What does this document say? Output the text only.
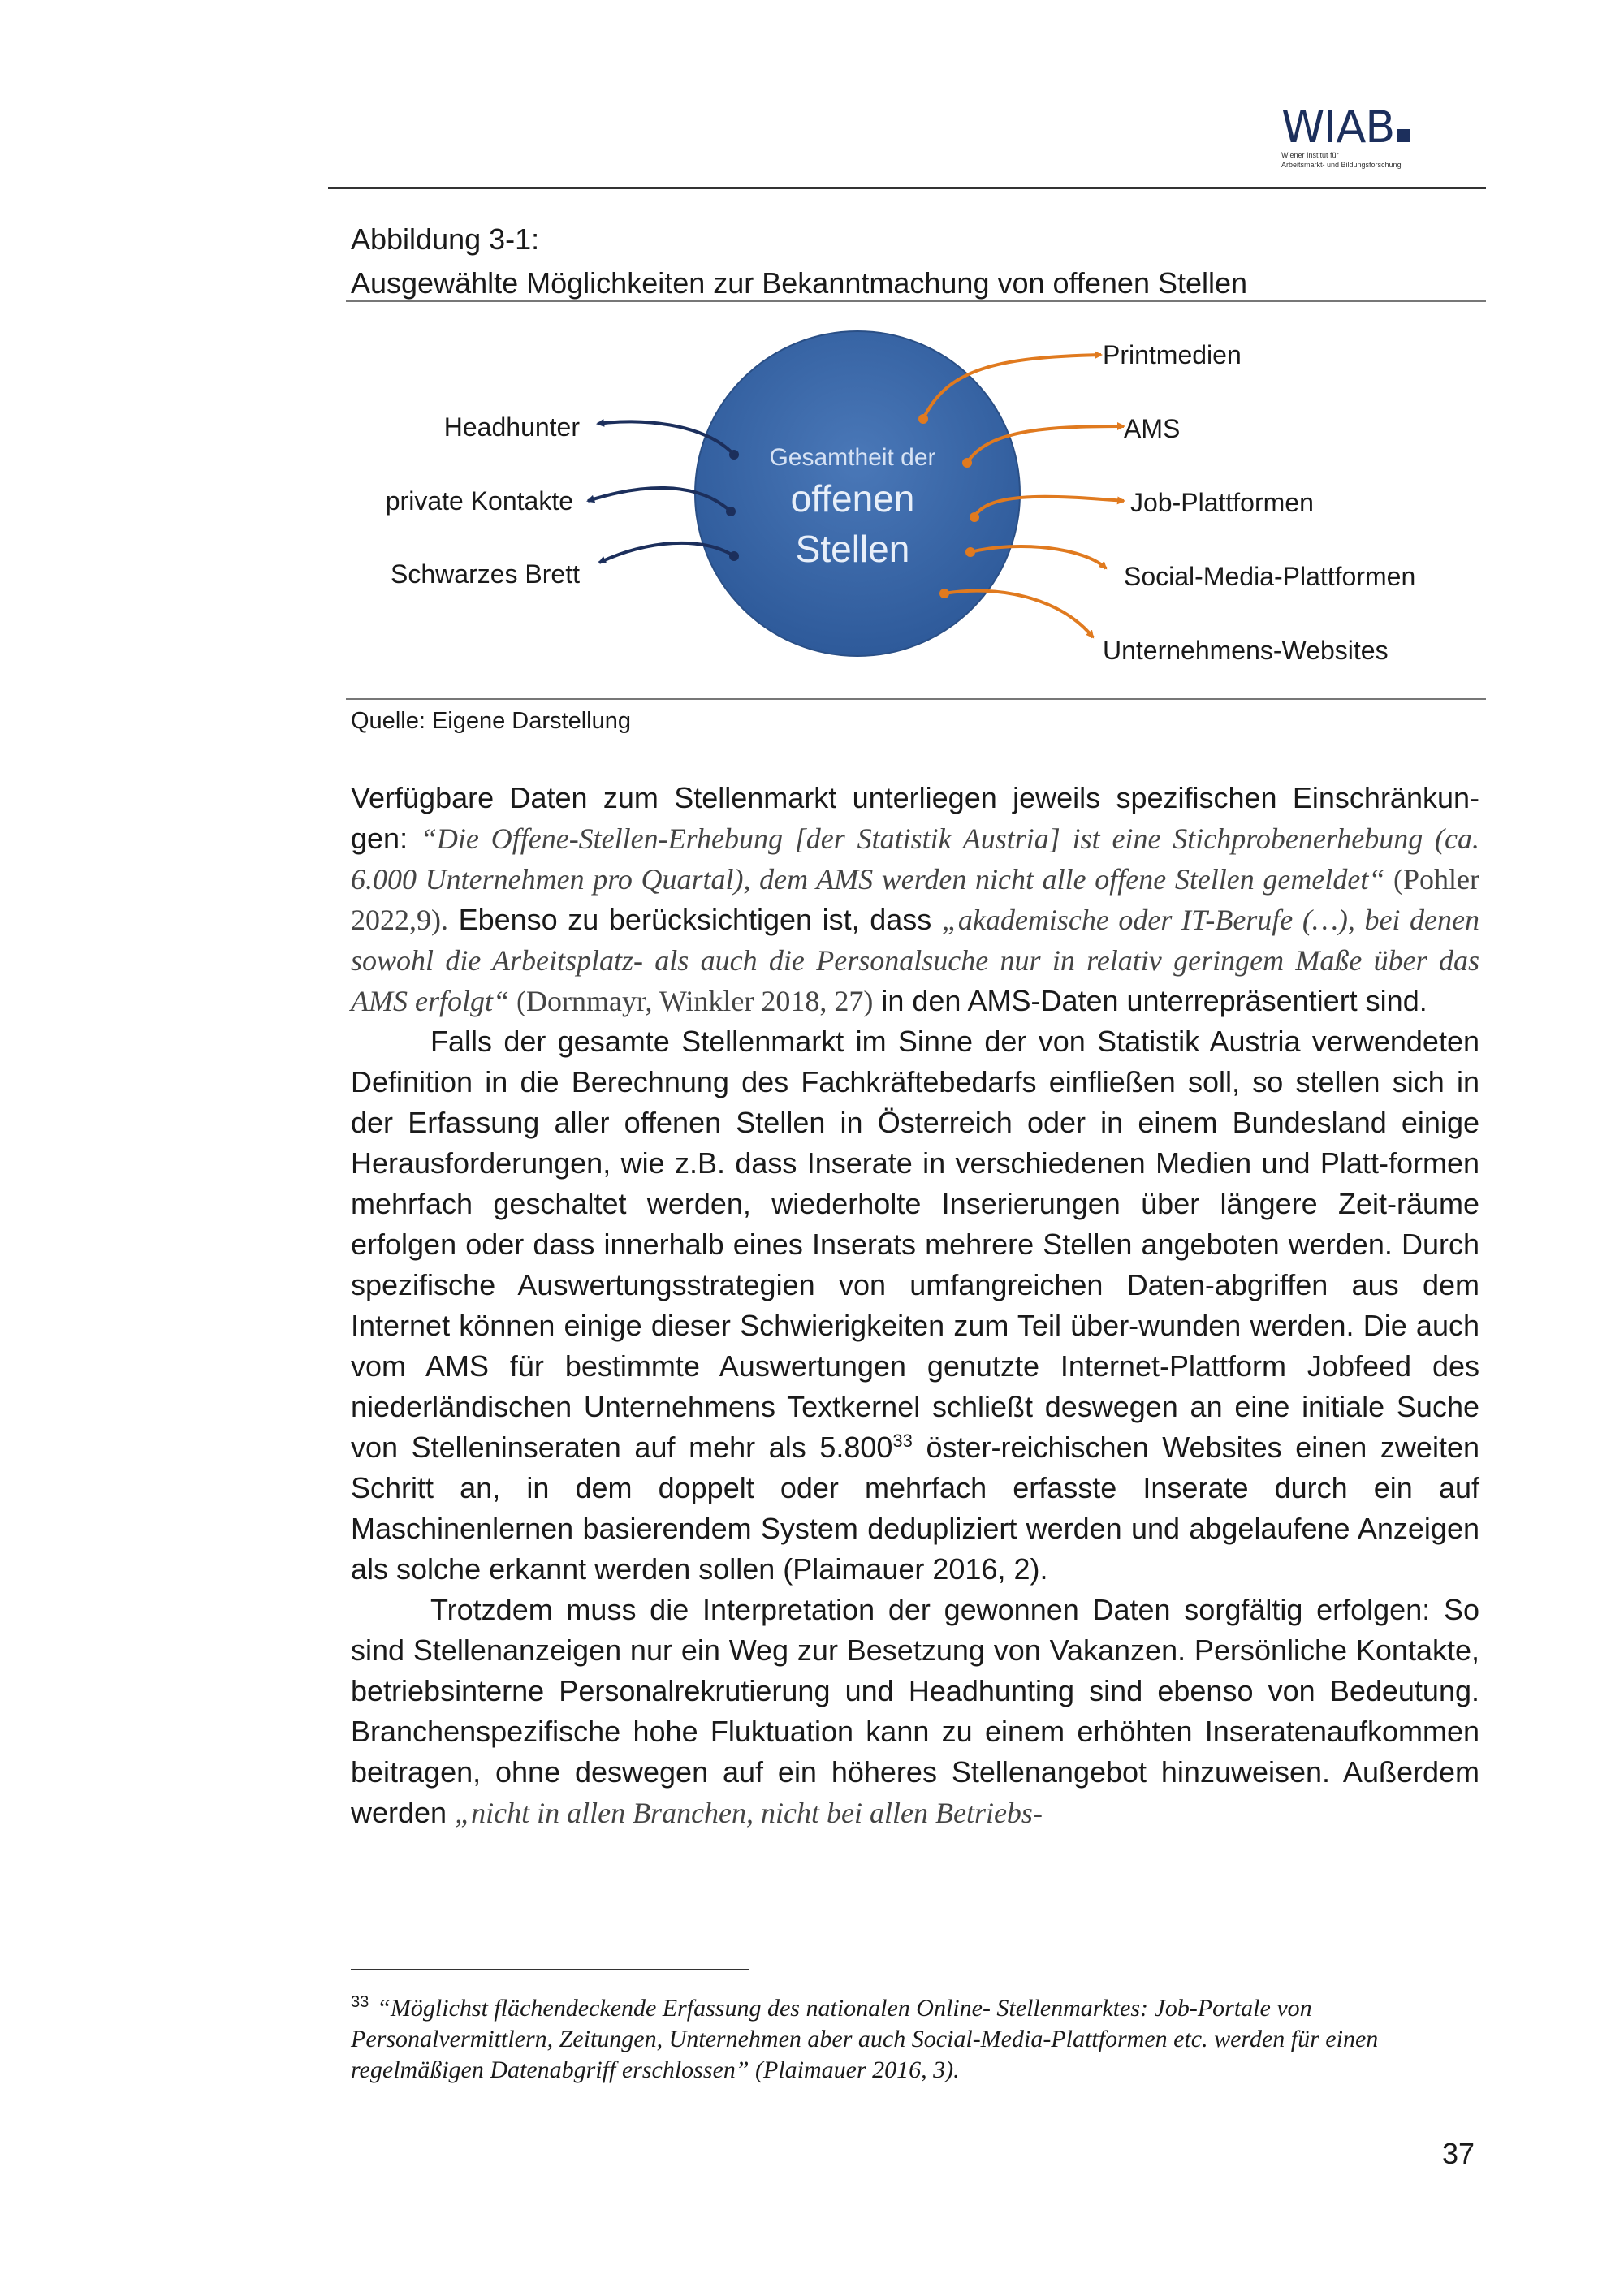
WIAB
Wiener Institut für
Arbeitsmarkt- und Bildungsforschung
Abbildung 3-1:
Ausgewählte Möglichkeiten zur Bekanntmachung von offenen Stellen
Gesamtheit der
offenen
Stellen
Headhunter
private Kontakte
Schwarzes Brett
Printmedien
AMS
Job-Plattformen
Social-Media-Plattformen
Unternehmens-Websites
Quelle: Eigene Darstellung

Verfügbare Daten zum Stellenmarkt unterliegen jeweils spezifischen Einschränkun-gen: “Die Offene-Stellen-Erhebung [der Statistik Austria] ist eine Stichprobenerhebung (ca. 6.000 Unternehmen pro Quartal), dem AMS werden nicht alle offene Stellen gemeldet“ (Pohler 2022,9). Ebenso zu berücksichtigen ist, dass „akademische oder IT-Berufe (…), bei denen sowohl die Arbeitsplatz- als auch die Personalsuche nur in relativ geringem Maße über das AMS erfolgt“ (Dornmayr, Winkler 2018, 27) in den AMS-Daten unterrepräsentiert sind.

Falls der gesamte Stellenmarkt im Sinne der von Statistik Austria verwendeten Definition in die Berechnung des Fachkräftebedarfs einfließen soll, so stellen sich in der Erfassung aller offenen Stellen in Österreich oder in einem Bundesland einige Herausforderungen, wie z.B. dass Inserate in verschiedenen Medien und Platt-formen mehrfach geschaltet werden, wiederholte Inserierungen über längere Zeit-räume erfolgen oder dass innerhalb eines Inserats mehrere Stellen angeboten werden. Durch spezifische Auswertungsstrategien von umfangreichen Daten-abgriffen aus dem Internet können einige dieser Schwierigkeiten zum Teil über-wunden werden. Die auch vom AMS für bestimmte Auswertungen genutzte Internet-Plattform Jobfeed des niederländischen Unternehmens Textkernel schließt deswegen an eine initiale Suche von Stelleninseraten auf mehr als 5.800$^{33}$ öster-reichischen Websites einen zweiten Schritt an, in dem doppelt oder mehrfach erfasste Inserate durch ein auf Maschinenlernen basierendem System dedupliziert werden und abgelaufene Anzeigen als solche erkannt werden sollen (Plaimauer 2016, 2).

Trotzdem muss die Interpretation der gewonnen Daten sorgfältig erfolgen: So sind Stellenanzeigen nur ein Weg zur Besetzung von Vakanzen. Persönliche Kontakte, betriebsinterne Personalrekrutierung und Headhunting sind ebenso von Bedeutung. Branchenspezifische hohe Fluktuation kann zu einem erhöhten Inseratenaufkommen beitragen, ohne deswegen auf ein höheres Stellenangebot hinzuweisen. Außerdem werden „nicht in allen Branchen, nicht bei allen Betriebs-

$^{33}$ “Möglichst flächendeckende Erfassung des nationalen Online- Stellenmarktes: Job-Portale von Personalvermittlern, Zeitungen, Unternehmen aber auch Social-Media-Plattformen etc. werden für einen regelmäßigen Datenabgriff erschlossen” (Plaimauer 2016, 3).
37
